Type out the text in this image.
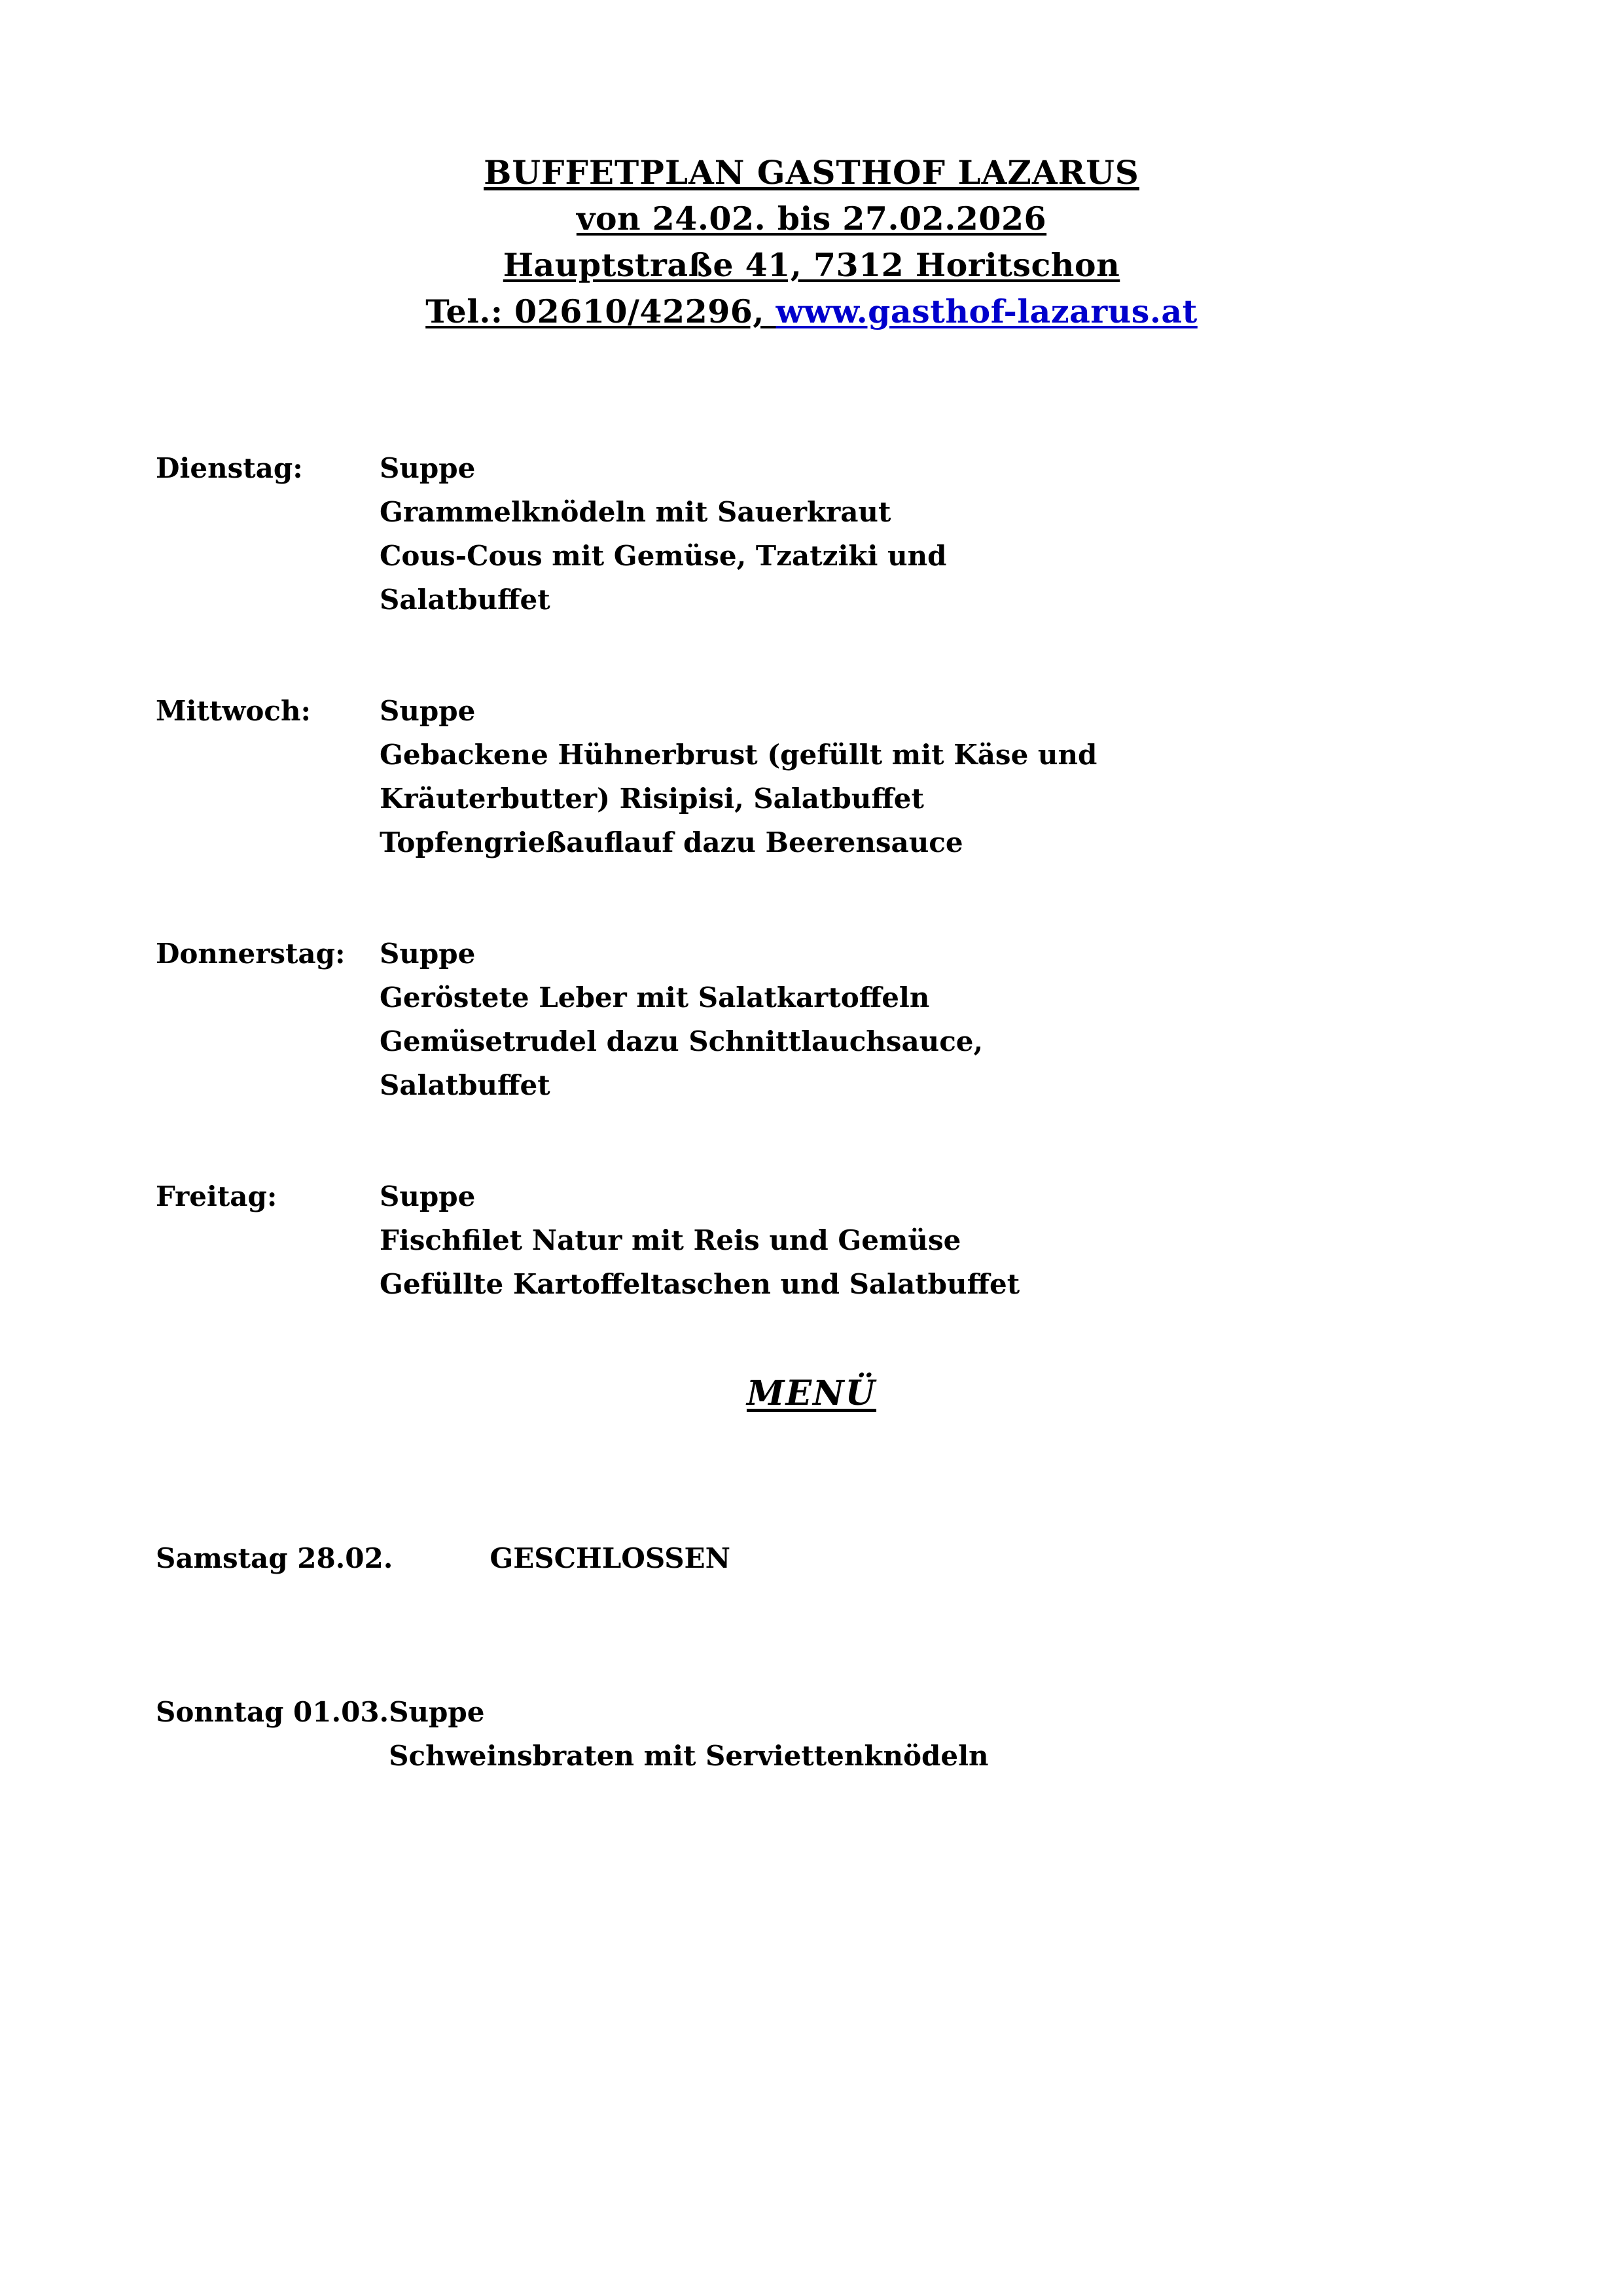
BUFFETPLAN GASTHOF LAZARUS
von 24.02. bis 27.02.2026
Hauptstraße 41, 7312 Horitschon
Tel.: 02610/42296, www.gasthof-lazarus.at
Dienstag:	Suppe
Grammelknödeln mit Sauerkraut
Cous-Cous mit Gemüse, Tzatziki und
Salatbuffet
Mittwoch:	Suppe
Gebackene Hühnerbrust (gefüllt mit Käse und
Kräuterbutter) Risipisi, Salatbuffet
Topfengrießauflauf dazu Beerensauce
Donnerstag:	Suppe
Geröstete Leber mit Salatkartoffeln
Gemüsetrudel dazu Schnittlauchsauce,
Salatbuffet
Freitag:	Suppe
Fischfilet Natur mit Reis und Gemüse
Gefüllte Kartoffeltaschen und Salatbuffet
MENÜ
Samstag 28.02.	GESCHLOSSEN
Sonntag 01.03. Suppe
Schweinsbraten mit Serviettenknödeln
